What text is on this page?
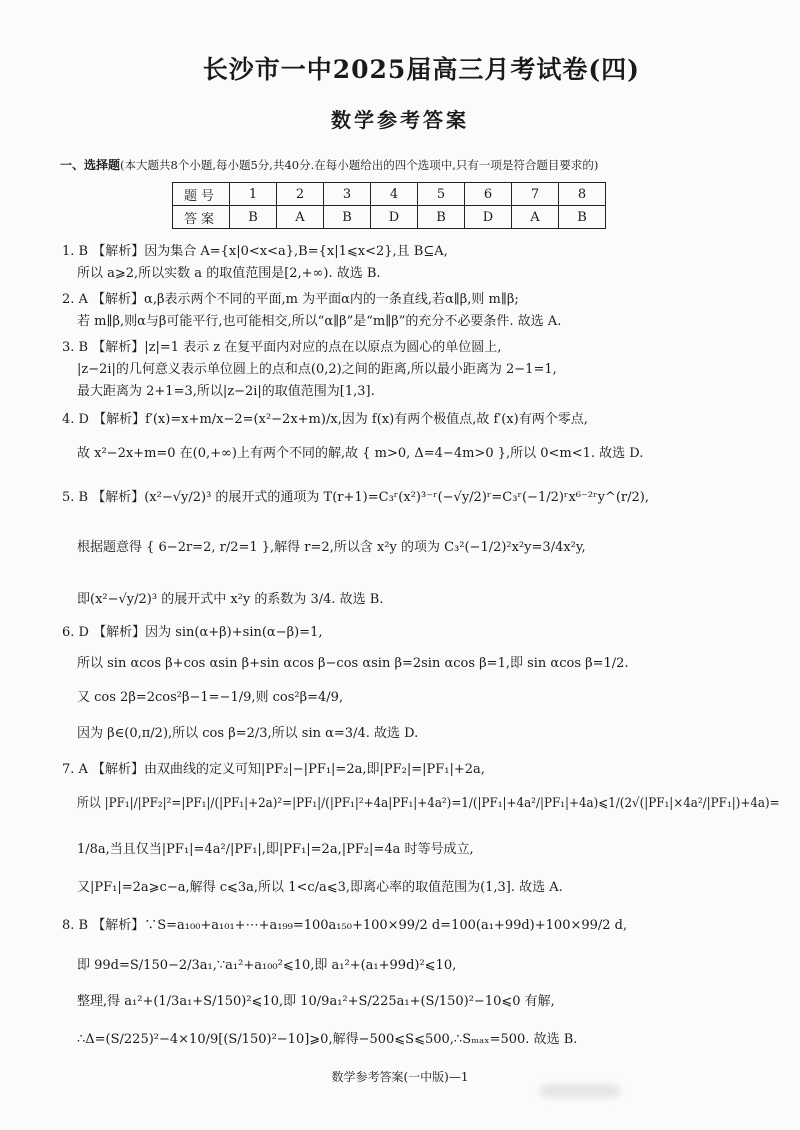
长沙市一中2025届高三月考试卷(四)
数学参考答案
一、选择题(本大题共8个小题,每小题5分,共40分.在每小题给出的四个选项中,只有一项是符合题目要求的)
题号	1	2	3	4	5	6	7	8
答案	B	A	B	D	B	D	A	B
1. B 【解析】因为集合 A={x|0<x<a},B={x|1⩽x<2},且 B⊆A,
所以 a⩾2,所以实数 a 的取值范围是[2,+∞). 故选 B.
2. A 【解析】α,β表示两个不同的平面,m 为平面α内的一条直线,若α∥β,则 m∥β;
若 m∥β,则α与β可能平行,也可能相交,所以“α∥β”是“m∥β”的充分不必要条件. 故选 A.
3. B 【解析】|z|=1 表示 z 在复平面内对应的点在以原点为圆心的单位圆上,
|z−2i|的几何意义表示单位圆上的点和点(0,2)之间的距离,所以最小距离为 2−1=1,
最大距离为 2+1=3,所以|z−2i|的取值范围为[1,3].
4. D 【解析】f′(x)=x+m/x−2=(x²−2x+m)/x,因为 f(x)有两个极值点,故 f′(x)有两个零点,
故 x²−2x+m=0 在(0,+∞)上有两个不同的解,故 { m>0, Δ=4−4m>0 },所以 0<m<1. 故选 D.
5. B 【解析】(x²−√y/2)³ 的展开式的通项为 T(r+1)=C₃ʳ(x²)³⁻ʳ(−√y/2)ʳ=C₃ʳ(−1/2)ʳx⁶⁻²ʳy^(r/2),
根据题意得 { 6−2r=2, r/2=1 },解得 r=2,所以含 x²y 的项为 C₃²(−1/2)²x²y=3/4x²y,
即(x²−√y/2)³ 的展开式中 x²y 的系数为 3/4. 故选 B.
6. D 【解析】因为 sin(α+β)+sin(α−β)=1,
所以 sin αcos β+cos αsin β+sin αcos β−cos αsin β=2sin αcos β=1,即 sin αcos β=1/2.
又 cos 2β=2cos²β−1=−1/9,则 cos²β=4/9,
因为 β∈(0,π/2),所以 cos β=2/3,所以 sin α=3/4. 故选 D.
7. A 【解析】由双曲线的定义可知|PF₂|−|PF₁|=2a,即|PF₂|=|PF₁|+2a,
所以 |PF₁|/|PF₂|²=|PF₁|/(|PF₁|+2a)²=|PF₁|/(|PF₁|²+4a|PF₁|+4a²)=1/(|PF₁|+4a²/|PF₁|+4a)⩽1/(2√(|PF₁|×4a²/|PF₁|)+4a)=
1/8a,当且仅当|PF₁|=4a²/|PF₁|,即|PF₁|=2a,|PF₂|=4a 时等号成立,
又|PF₁|=2a⩾c−a,解得 c⩽3a,所以 1<c/a⩽3,即离心率的取值范围为(1,3]. 故选 A.
8. B 【解析】∵S=a₁₀₀+a₁₀₁+⋯+a₁₉₉=100a₁₅₀+100×99/2 d=100(a₁+99d)+100×99/2 d,
即 99d=S/150−2/3a₁,∵a₁²+a₁₀₀²⩽10,即 a₁²+(a₁+99d)²⩽10,
整理,得 a₁²+(1/3a₁+S/150)²⩽10,即 10/9a₁²+S/225a₁+(S/150)²−10⩽0 有解,
∴Δ=(S/225)²−4×10/9[(S/150)²−10]⩾0,解得−500⩽S⩽500,∴Sₘₐₓ=500. 故选 B.
数学参考答案(一中版)—1
